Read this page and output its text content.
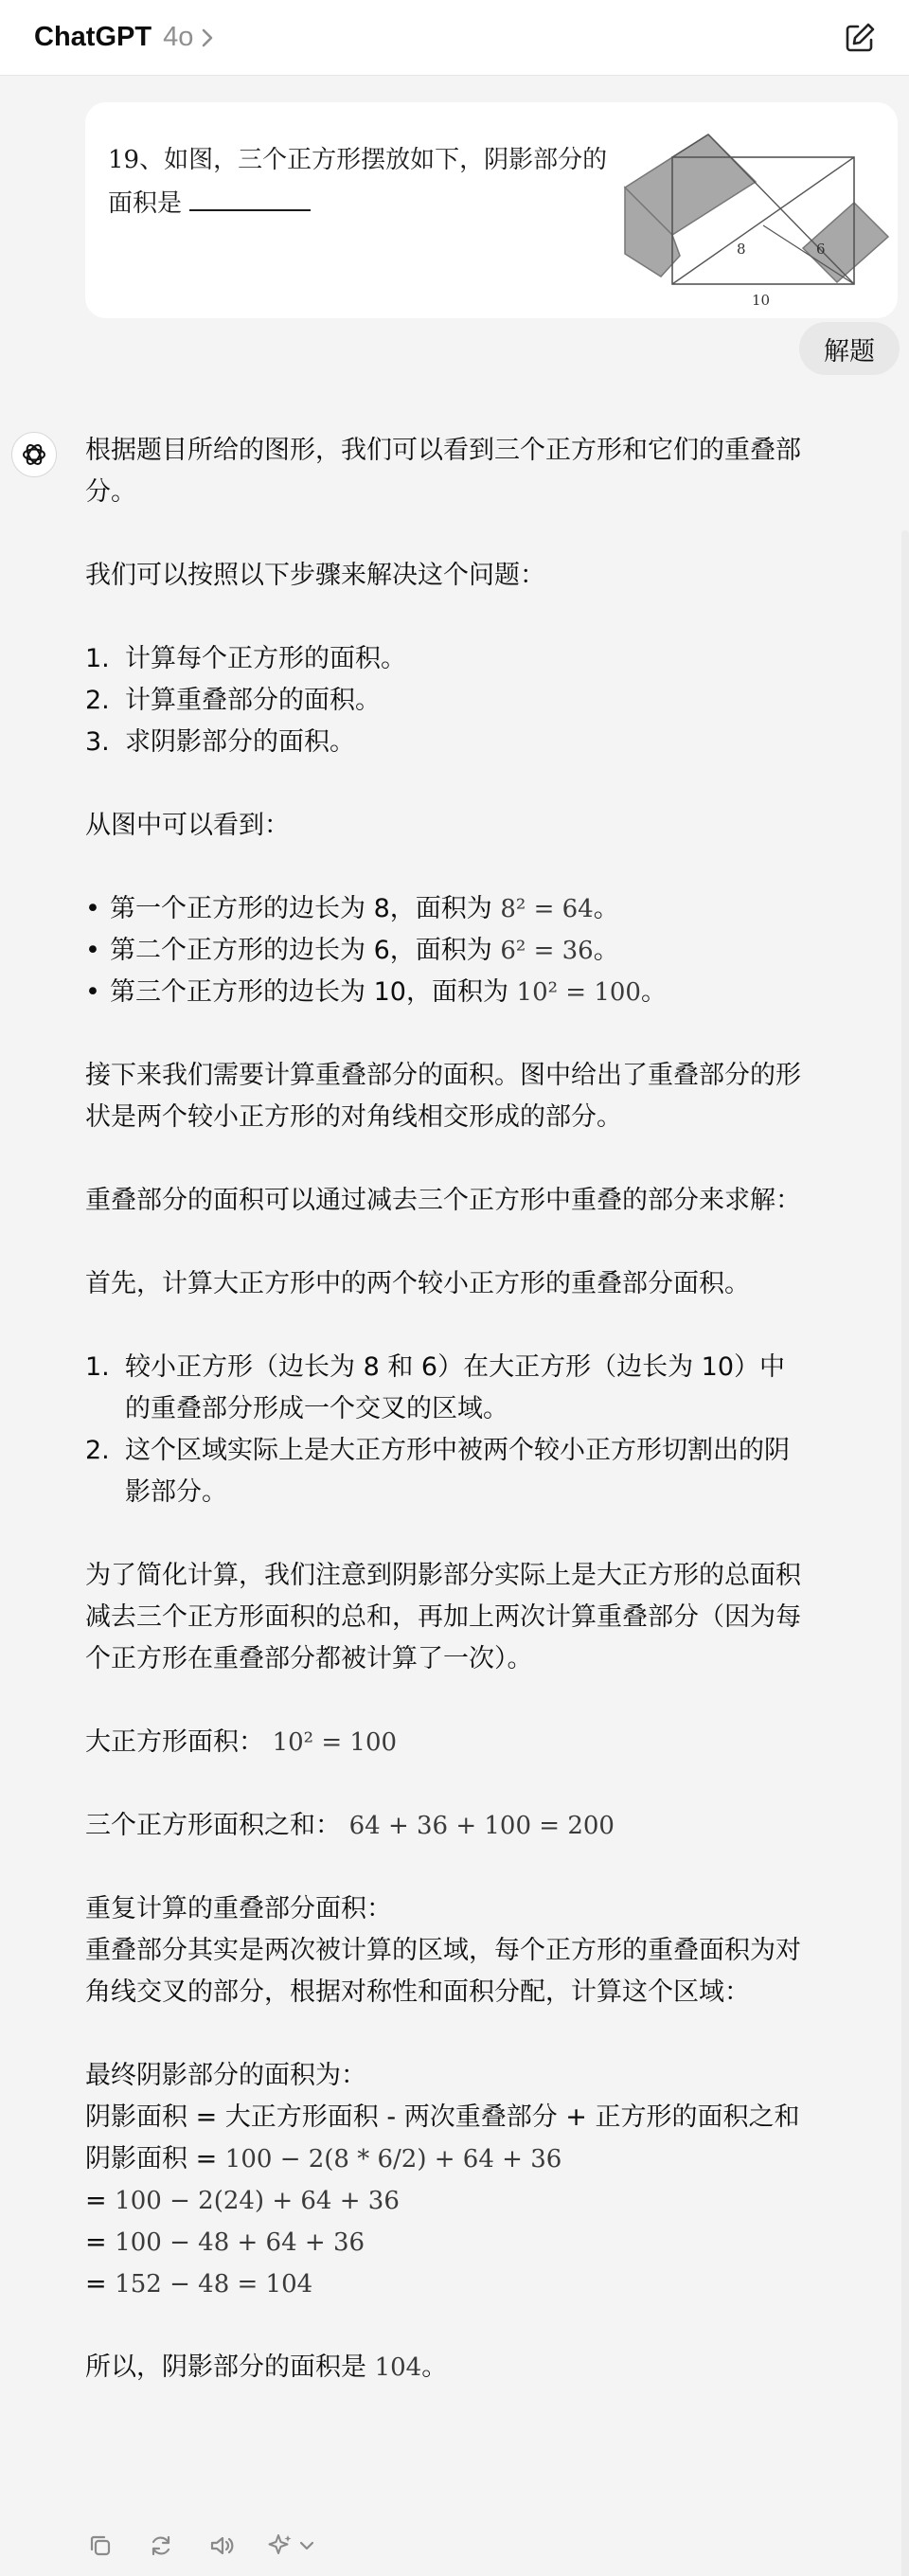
ChatGPT 4o
19、如图，三个正方形摆放如下，阴影部分的
面积是
8	6
10
解题

根据题目所给的图形，我们可以看到三个正方形和它们的重叠部分。

我们可以按照以下步骤来解决这个问题：

1. 计算每个正方形的面积。
2. 计算重叠部分的面积。
3. 求阴影部分的面积。

从图中可以看到：

• 第一个正方形的边长为 8，面积为 8² = 64。
• 第二个正方形的边长为 6，面积为 6² = 36。
• 第三个正方形的边长为 10，面积为 10² = 100。

接下来我们需要计算重叠部分的面积。图中给出了重叠部分的形状是两个较小正方形的对角线相交形成的部分。

重叠部分的面积可以通过减去三个正方形中重叠的部分来求解：

首先，计算大正方形中的两个较小正方形的重叠部分面积。

1. 较小正方形（边长为 8 和 6）在大正方形（边长为 10）中的重叠部分形成一个交叉的区域。
2. 这个区域实际上是大正方形中被两个较小正方形切割出的阴影部分。

为了简化计算，我们注意到阴影部分实际上是大正方形的总面积减去三个正方形面积的总和，再加上两次计算重叠部分（因为每个正方形在重叠部分都被计算了一次）。

大正方形面积： 10² = 100

三个正方形面积之和： 64 + 36 + 100 = 200

重复计算的重叠部分面积：

重叠部分其实是两次被计算的区域，每个正方形的重叠面积为对角线交叉的部分，根据对称性和面积分配，计算这个区域：

最终阴影部分的面积为：

阴影面积 = 大正方形面积 - 两次重叠部分 + 正方形的面积之和

阴影面积 = 100 − 2(8 * 6/2) + 64 + 36

= 100 − 2(24) + 64 + 36

= 100 − 48 + 64 + 36

= 152 − 48 = 104

所以，阴影部分的面积是 104。
